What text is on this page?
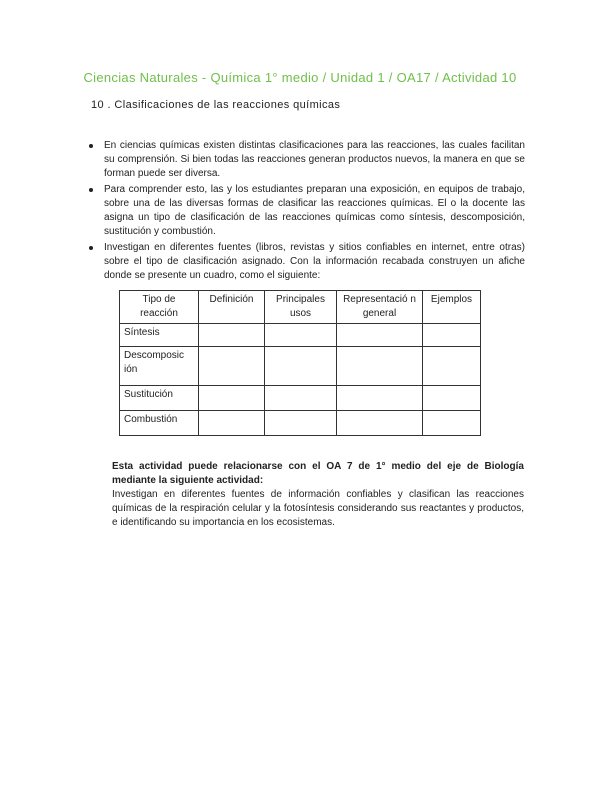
Ciencias Naturales - Química 1° medio / Unidad 1 / OA17 / Actividad 10
10 . Clasificaciones de las reacciones químicas
En ciencias químicas existen distintas clasificaciones para las reacciones, las cuales facilitan su comprensión. Si bien todas las reacciones generan productos nuevos, la manera en que se forman puede ser diversa.
Para comprender esto, las y los estudiantes preparan una exposición, en equipos de trabajo, sobre una de las diversas formas de clasificar las reacciones químicas. El o la docente las asigna un tipo de clasificación de las reacciones químicas como síntesis, descomposición, sustitución y combustión.
Investigan en diferentes fuentes (libros, revistas y sitios confiables en internet, entre otras) sobre el tipo de clasificación asignado. Con la información recabada construyen un afiche donde se presente un cuadro, como el siguiente:
Tipo de reacción	Definición	Principales usos	Representació n general	Ejemplos
Síntesis				
Descomposic ión				
Sustitución				
Combustión				
Esta actividad puede relacionarse con el OA 7 de 1° medio del eje de Biología mediante la siguiente actividad:
Investigan en diferentes fuentes de información confiables y clasifican las reacciones químicas de la respiración celular y la fotosíntesis considerando sus reactantes y productos, e identificando su importancia en los ecosistemas.
